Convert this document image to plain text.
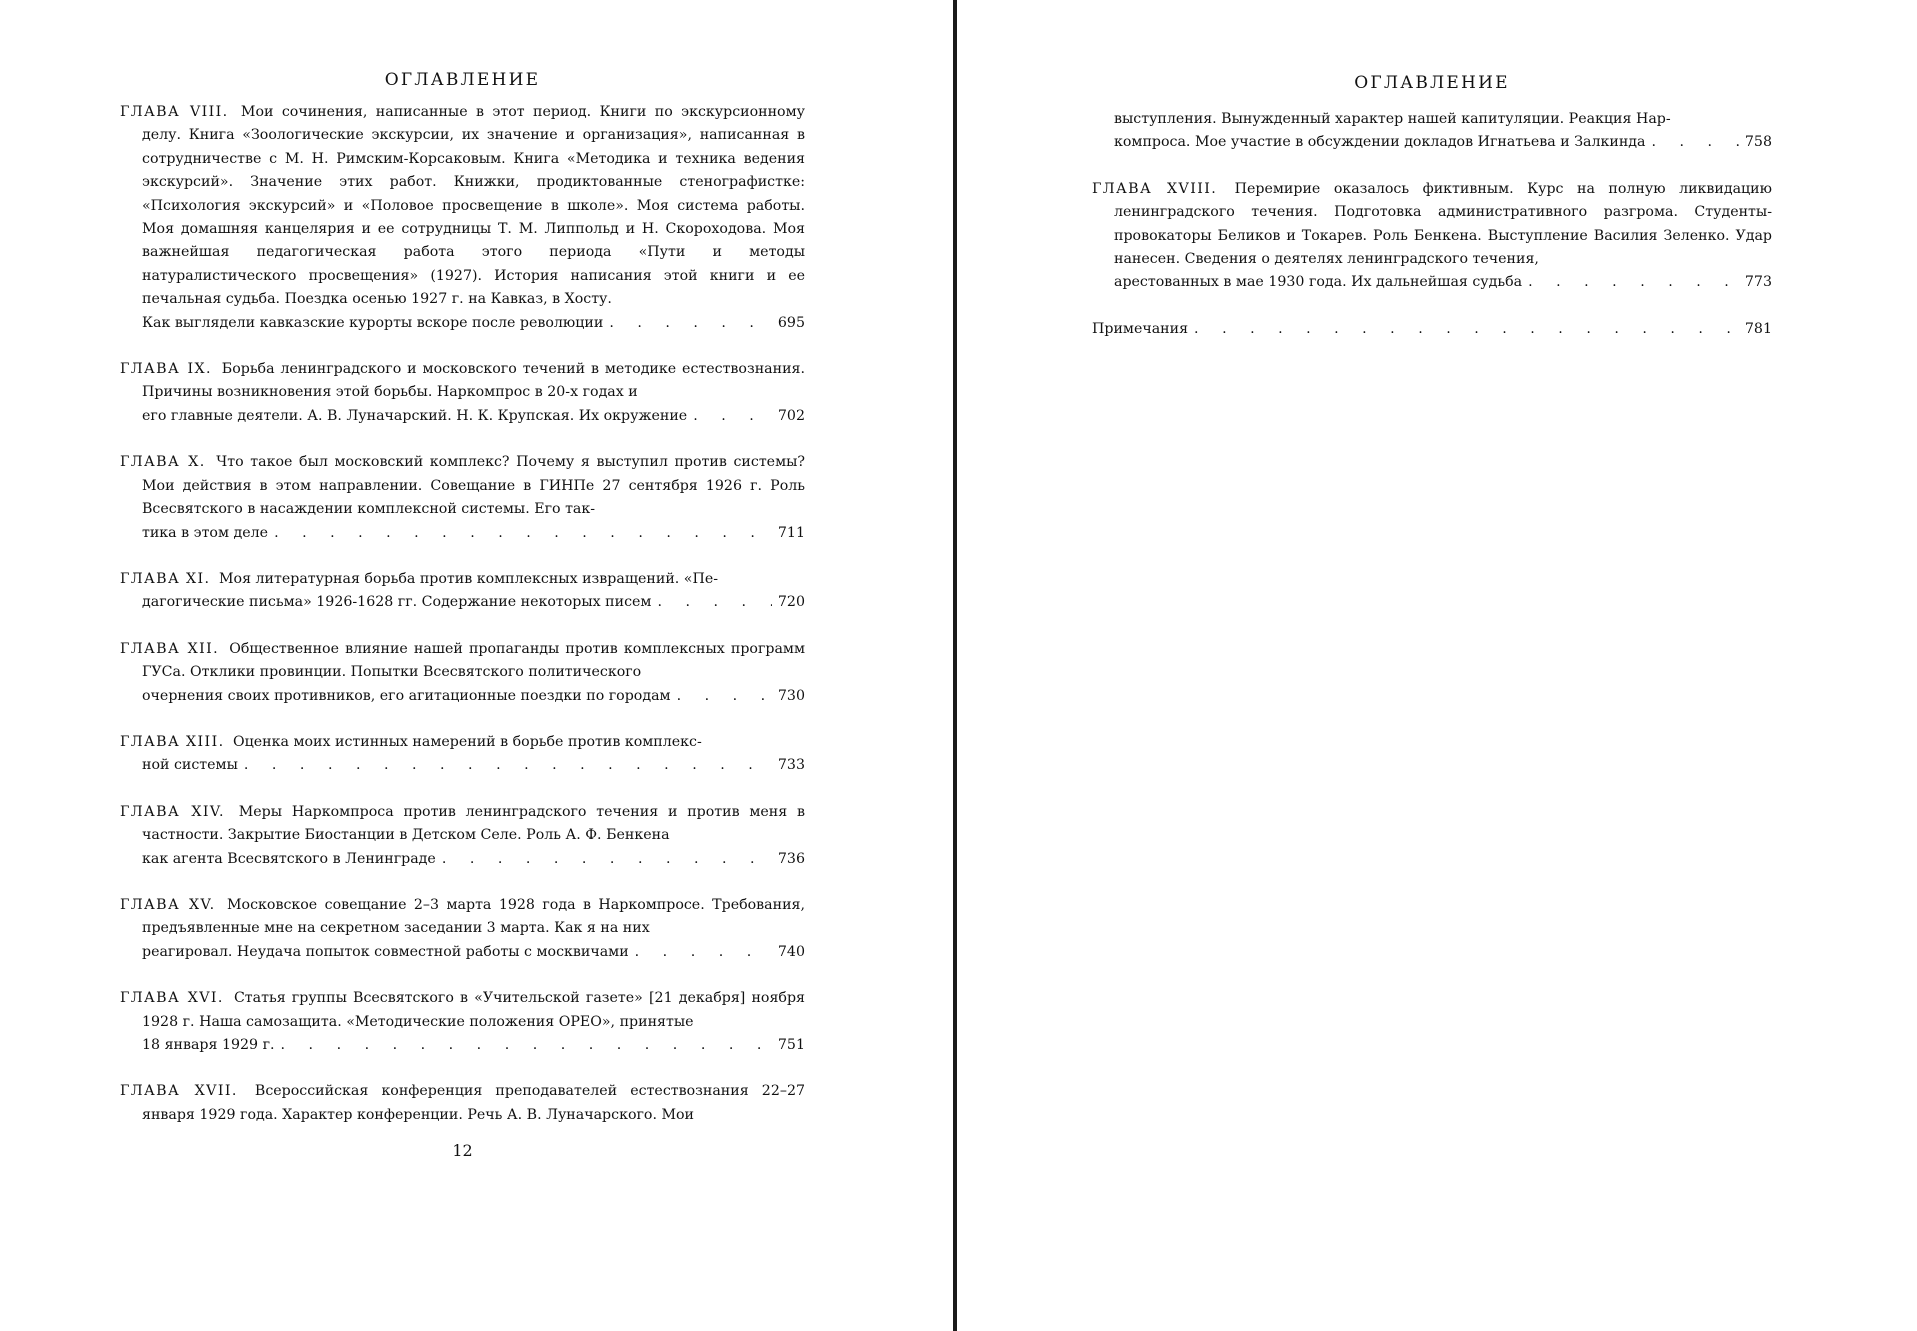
ОГЛАВЛЕНИЕ

ГЛАВА VIII. Мои сочинения, написанные в этот период. Книги по экскурсионному делу. Книга «Зоологические экскурсии, их значение и организация», написанная в сотрудничестве с М. Н. Римским-Корсаковым. Книга «Методика и техника ведения экскурсий». Значение этих работ. Книжки, продиктованные стенографистке: «Психология экскурсий» и «Половое просвещение в школе». Моя система работы. Моя домашняя канцелярия и ее сотрудницы Т. М. Липпольд и Н. Скороходова. Моя важнейшая педагогическая работа этого периода «Пути и методы натуралистического просвещения» (1927). История написания этой книги и ее печальная судьба. Поездка осенью 1927 г. на Кавказ, в Хосту.

Как выглядели кавказские курорты вскоре после революции . . .	695

ГЛАВА IX. Борьба ленинградского и московского течений в методике естествознания. Причины возникновения этой борьбы. Наркомпрос в 20-х годах и

его главные деятели. А. В. Луначарский. Н. К. Крупская. Их окружение . . .	702

ГЛАВА X. Что такое был московский комплекс? Почему я выступил против системы? Мои действия в этом направлении. Совещание в ГИНПе 27 сентября 1926 г. Роль Всесвятского в насаждении комплексной системы. Его так-

тика в этом деле . . .	711

ГЛАВА XI. Моя литературная борьба против комплексных извращений. «Пе-

дагогические письма» 1926-1628 гг. Содержание некоторых писем . . .	720

ГЛАВА XII. Общественное влияние нашей пропаганды против комплексных программ ГУСа. Отклики провинции. Попытки Всесвятского политического

очернения своих противников, его агитационные поездки по городам . . .	730

ГЛАВА XIII. Оценка моих истинных намерений в борьбе против комплекс-

ной системы . . .	733

ГЛАВА XIV. Меры Наркомпроса против ленинградского течения и против меня в частности. Закрытие Биостанции в Детском Селе. Роль А. Ф. Бенкена

как агента Всесвятского в Ленинграде . . .	736

ГЛАВА XV. Московское совещание 2–3 марта 1928 года в Наркомпросе. Требования, предъявленные мне на секретном заседании 3 марта. Как я на них

реагировал. Неудача попыток совместной работы с москвичами . . .	740

ГЛАВА XVI. Статья группы Всесвятского в «Учительской газете» [21 декабря] ноября 1928 г. Наша самозащита. «Методические положения ОРЕО», принятые

18 января 1929 г. . . .	751

ГЛАВА XVII. Всероссийская конференция преподавателей естествознания 22–27 января 1929 года. Характер конференции. Речь А. В. Луначарского. Мои

12
ОГЛАВЛЕНИЕ

выступления. Вынужденный характер нашей капитуляции. Реакция Нар-

компроса. Мое участие в обсуждении докладов Игнатьева и Залкинда . . .	758

ГЛАВА XVIII. Перемирие оказалось фиктивным. Курс на полную ликвидацию ленинградского течения. Подготовка административного разгрома. Студенты-провокаторы Беликов и Токарев. Роль Бенкена. Выступление Василия Зеленко. Удар нанесен. Сведения о деятелях ленинградского течения,

арестованных в мае 1930 года. Их дальнейшая судьба . . .	773
Примечания . . .	781
